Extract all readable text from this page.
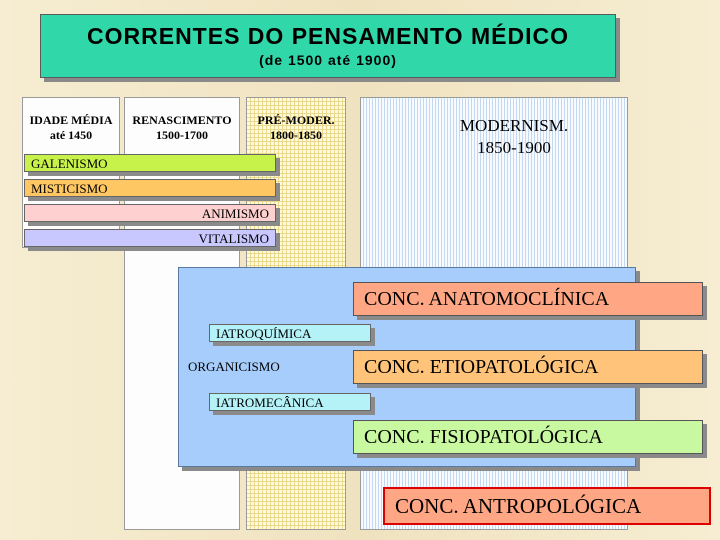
CORRENTES DO PENSAMENTO MÉDICO
(de 1500 até 1900)
IDADE MÉDIA
até 1450
RENASCIMENTO
1500-1700
PRÉ-MODER.
1800-1850	MODERNISM.
1850-1900
GALENISMO
MISTICISMO
ANIMISMO
VITALISMO
IATROQUÍMICA
ORGANICISMO
IATROMECÂNICA
CONC. ANATOMOCLÍNICA
CONC. ETIOPATOLÓGICA
CONC. FISIOPATOLÓGICA
CONC. ANTROPOLÓGICA
